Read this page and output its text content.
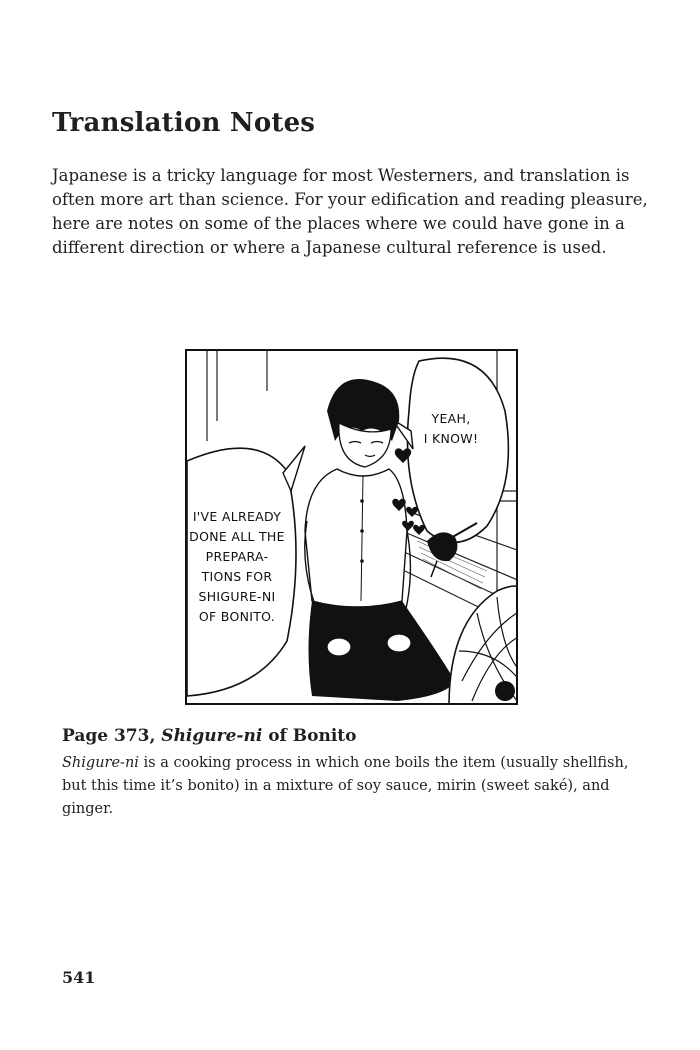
Translation Notes

Japanese is a tricky language for most Westerners, and translation is often more art than science. For your edification and reading pleasure, here are notes on some of the places where we could have gone in a different direction or where a Japanese cultural reference is used.

I'VE ALREADY
DONE ALL THE
PREPARA-
TIONS FOR
SHIGURE-NI
OF BONITO.
YEAH,
I KNOW!
Page 373, Shigure-ni of Bonito

Shigure-ni is a cooking process in which one boils the item (usually shellfish, but this time it’s bonito) in a mixture of soy sauce, mirin (sweet saké), and ginger.

541
